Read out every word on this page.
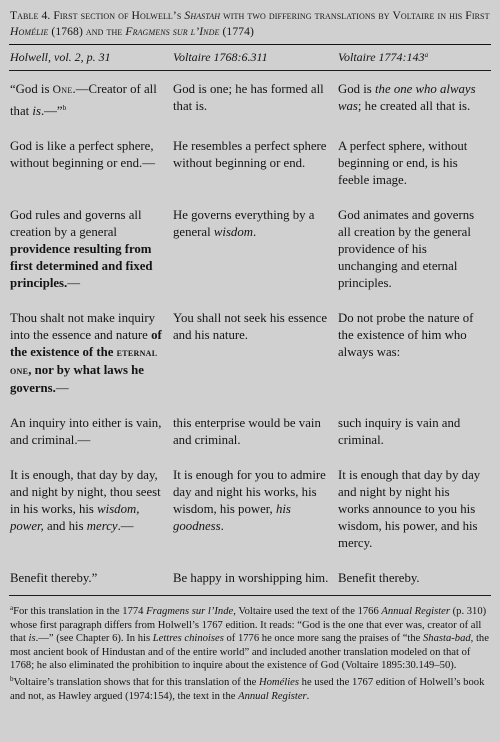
Table 4. First section of Holwell’s Shastah with two differing translations by Voltaire in his First Homélie (1768) and the Fragmens sur l’Inde (1774)
Holwell, vol. 2, p. 31	Voltaire 1768:6.311	Voltaire 1774:143$^a$
“God is One.—Creator of all that is.—”$^b$	God is one; he has formed all that is.	God is the one who always was; he created all that is.
God is like a perfect sphere, without beginning or end.—	He resembles a perfect sphere without beginning or end.	A perfect sphere, without beginning or end, is his feeble image.
God rules and governs all creation by a general providence resulting from first determined and fixed principles.—	He governs everything by a general wisdom.	God animates and governs all creation by the general providence of his unchanging and eternal principles.
Thou shalt not make inquiry into the essence and nature of the existence of the eternal one, nor by what laws he governs.—	You shall not seek his essence and his nature.	Do not probe the nature of the existence of him who always was:
An inquiry into either is vain, and criminal.—	this enterprise would be vain and criminal.	such inquiry is vain and criminal.
It is enough, that day by day, and night by night, thou seest in his works, his wisdom, power, and his mercy.—	It is enough for you to admire day and night his works, his wisdom, his power, his goodness.	It is enough that day by day and night by night his works announce to you his wisdom, his power, and his mercy.
Benefit thereby.”	Be happy in worshipping him.	Benefit thereby.

$^a$For this translation in the 1774 Fragmens sur l’Inde, Voltaire used the text of the 1766 Annual Register (p. 310) whose first paragraph differs from Holwell’s 1767 edition. It reads: “God is the one that ever was, creator of all that is.—” (see Chapter 6). In his Lettres chinoises of 1776 he once more sang the praises of “the Shasta-bad, the most ancient book of Hindustan and of the entire world” and included another translation modeled on that of 1768; he also eliminated the prohibition to inquire about the existence of God (Voltaire 1895:30.149–50).

$^b$Voltaire’s translation shows that for this translation of the Homélies he used the 1767 edition of Holwell’s book and not, as Hawley argued (1974:154), the text in the Annual Register.
